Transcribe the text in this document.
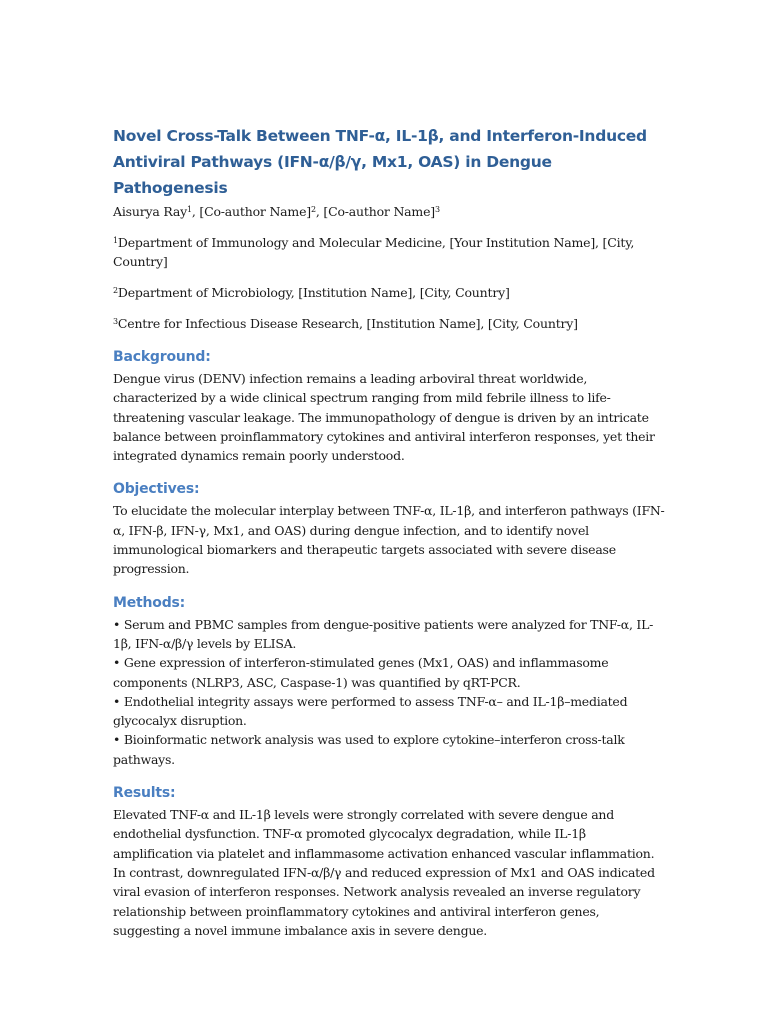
Novel Cross-Talk Between TNF-α, IL-1β, and Interferon-Induced Antiviral Pathways (IFN-α/β/γ, Mx1, OAS) in Dengue Pathogenesis

Aisurya Ray$^1$, [Co-author Name]$^2$, [Co-author Name]$^3$

$^1$Department of Immunology and Molecular Medicine, [Your Institution Name], [City, Country]

$^2$Department of Microbiology, [Institution Name], [City, Country]

$^3$Centre for Infectious Disease Research, [Institution Name], [City, Country]

Background:

Dengue virus (DENV) infection remains a leading arboviral threat worldwide, characterized by a wide clinical spectrum ranging from mild febrile illness to life-threatening vascular leakage. The immunopathology of dengue is driven by an intricate balance between proinflammatory cytokines and antiviral interferon responses, yet their integrated dynamics remain poorly understood.

Objectives:

To elucidate the molecular interplay between TNF-α, IL-1β, and interferon pathways (IFN-α, IFN-β, IFN-γ, Mx1, and OAS) during dengue infection, and to identify novel immunological biomarkers and therapeutic targets associated with severe disease progression.

Methods:

• Serum and PBMC samples from dengue-positive patients were analyzed for TNF-α, IL-1β, IFN-α/β/γ levels by ELISA.
• Gene expression of interferon-stimulated genes (Mx1, OAS) and inflammasome components (NLRP3, ASC, Caspase-1) was quantified by qRT-PCR.
• Endothelial integrity assays were performed to assess TNF-α– and IL-1β–mediated glycocalyx disruption.
• Bioinformatic network analysis was used to explore cytokine–interferon cross-talk pathways.

Results:

Elevated TNF-α and IL-1β levels were strongly correlated with severe dengue and endothelial dysfunction. TNF-α promoted glycocalyx degradation, while IL-1β amplification via platelet and inflammasome activation enhanced vascular inflammation. In contrast, downregulated IFN-α/β/γ and reduced expression of Mx1 and OAS indicated viral evasion of interferon responses. Network analysis revealed an inverse regulatory relationship between proinflammatory cytokines and antiviral interferon genes, suggesting a novel immune imbalance axis in severe dengue.
